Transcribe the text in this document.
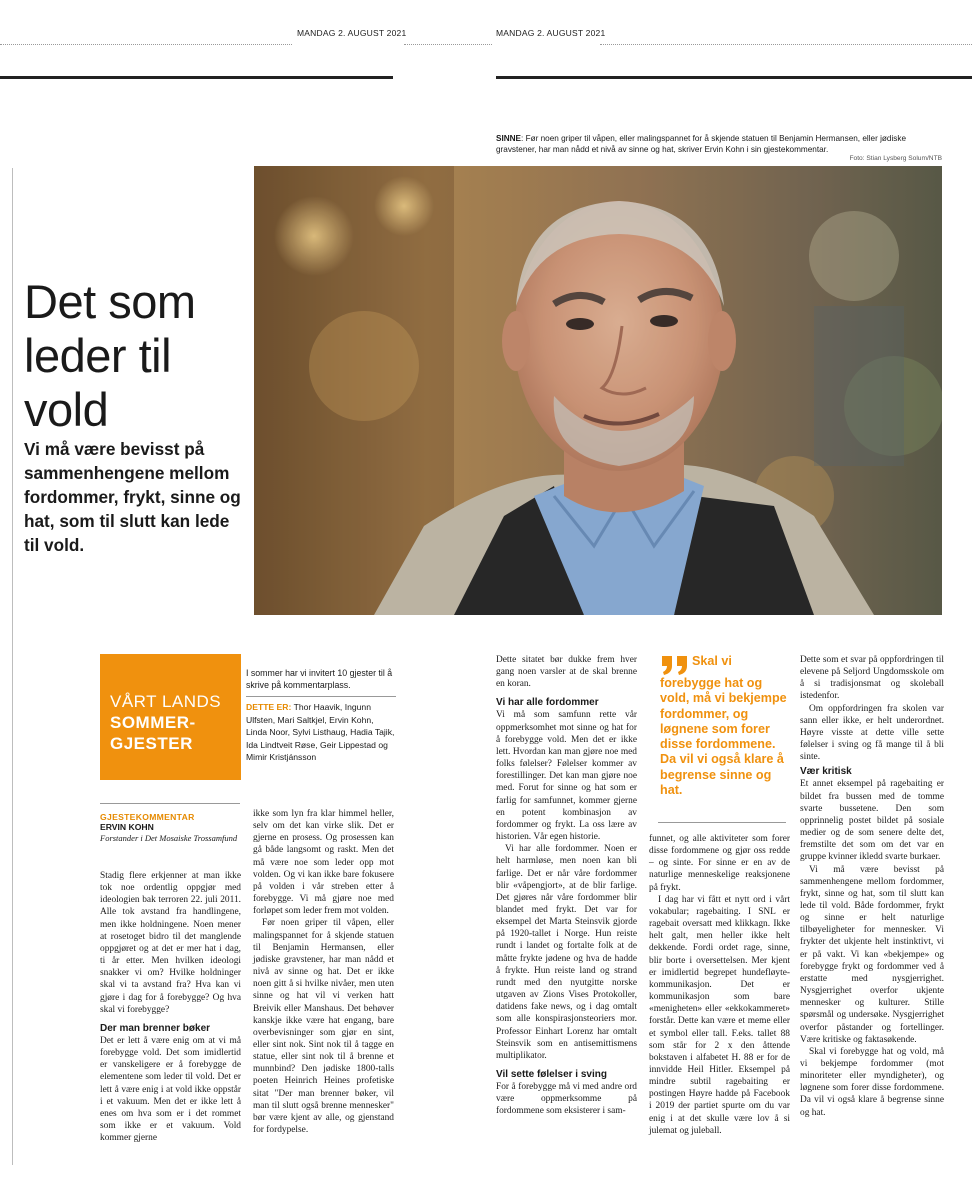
MANDAG 2. AUGUST 2021	MANDAG 2. AUGUST 2021
SINNE: Før noen griper til våpen, eller malingspannet for å skjende statuen til Benjamin Hermansen, eller jødiske gravstener, har man nådd et nivå av sinne og hat, skriver Ervin Kohn i sin gjestekommentar.
Foto: Stian Lysberg Solum/NTB
Det som leder til vold
Vi må være bevisst på sammenhengene mellom fordommer, frykt, sinne og hat, som til slutt kan lede til vold.
VÅRT LANDS
SOMMER-
GJESTER
I sommer har vi invitert 10 gjester til å skrive på kommentarplass.
DETTE ER: Thor Haavik, Ingunn Ulfsten, Mari Saltkjel, Ervin Kohn, Linda Noor, Sylvi Listhaug, Hadia Tajik, Ida Lindtveit Røse, Geir Lippestad og Mimir Kristjánsson
GJESTEKOMMENTAR
ERVIN KOHN
Forstander i Det Mosaiske Trossamfund

Stadig flere erkjenner at man ikke tok noe ordentlig oppgjør med ideologien bak terroren 22. juli 2011. Alle tok avstand fra handlingene, men ikke holdningene. Noen mener at rosetoget bidro til det manglende oppgjøret og at det er mer hat i dag, ti år etter. Men hvilken ideologi snakker vi om? Hvilke holdninger skal vi ta avstand fra? Hva kan vi gjøre i dag for å forebygge? Og hva skal vi forebygge?

Der man brenner bøker

Det er lett å være enig om at vi må forebygge vold. Det som imidlertid er vanskeligere er å forebygge de elementene som leder til vold. Det er lett å være enig i at vold ikke oppstår i et vakuum. Men det er ikke lett å enes om hva som er i det rommet som ikke er et vakuum. Vold kommer gjerne

ikke som lyn fra klar himmel heller, selv om det kan virke slik. Det er gjerne en prosess. Og prosessen kan gå både langsomt og raskt. Men det må være noe som leder opp mot volden. Og vi kan ikke bare fokusere på volden i vår streben etter å forebygge. Vi må gjøre noe med forløpet som leder frem mot volden.

Før noen griper til våpen, eller malingspannet for å skjende statuen til Benjamin Hermansen, eller jødiske gravstener, har man nådd et nivå av sinne og hat. Det er ikke noen gitt å si hvilke nivåer, men uten sinne og hat vil vi verken hatt Breivik eller Manshaus. Det behøver kanskje ikke være hat engang, bare overbevisninger som gjør en sint, eller sint nok. Sint nok til å tagge en statue, eller sint nok til å brenne et munnbind? Den jødiske 1800-talls poeten Heinrich Heines profetiske sitat "Der man brenner bøker, vil man til slutt også brenne mennesker" bør være kjent av alle, og gjenstand for fordypelse.

Dette sitatet bør dukke frem hver gang noen varsler at de skal brenne en koran.

Vi har alle fordommer

Vi må som samfunn rette vår oppmerksomhet mot sinne og hat for å forebygge vold. Men det er ikke lett. Hvordan kan man gjøre noe med folks følelser? Følelser kommer av forestillinger. Det kan man gjøre noe med. Forut for sinne og hat som er farlig for samfunnet, kommer gjerne en potent kombinasjon av fordommer og frykt. La oss lære av historien. Vår egen historie.

Vi har alle fordommer. Noen er helt harmløse, men noen kan bli farlige. Det er når våre fordommer blir «våpengjort», at de blir farlige. Det gjøres når våre fordommer blir blandet med frykt. Det var for eksempel det Marta Steinsvik gjorde på 1920-tallet i Norge. Hun reiste rundt i landet og fortalte folk at de måtte frykte jødene og hva de hadde å frykte. Hun reiste land og strand rundt med den nyutgitte norske utgaven av Zions Vises Protokoller, datidens fake news, og i dag omtalt som alle konspirasjonsteoriers mor. Professor Einhart Lorenz har omtalt Steinsvik som en antisemittismens multiplikator.

Vil sette følelser i sving

For å forebygge må vi med andre ord være oppmerksomme på fordommene som eksisterer i sam-

Skal vi forebygge hat og vold, må vi bekjempe fordommer, og løgnene som forer disse fordommene. Da vil vi også klare å begrense sinne og hat.

funnet, og alle aktiviteter som forer disse fordommene og gjør oss redde – og sinte. For sinne er en av de naturlige menneskelige reaksjonene på frykt.

I dag har vi fått et nytt ord i vårt vokabular; ragebaiting. I SNL er ragebait oversatt med klikkagn. Ikke helt galt, men heller ikke helt dekkende. Fordi ordet rage, sinne, blir borte i oversettelsen. Mer kjent er imidlertid begrepet hundefløyte-kommunikasjon. Det er kommunikasjon som bare «menigheten» eller «ekkokammeret» forstår. Dette kan være et meme eller et symbol eller tall. F.eks. tallet 88 som står for 2 x den åttende bokstaven i alfabetet H. 88 er for de innvidde Heil Hitler. Eksempel på mindre subtil ragebaiting er postingen Høyre hadde på Facebook i 2019 der partiet spurte om du var enig i at det skulle være lov å si julemat og juleball.

Dette som et svar på oppfordringen til elevene på Seljord Ungdomsskole om å si tradisjonsmat og skoleball istedenfor.

Om oppfordringen fra skolen var sann eller ikke, er helt underordnet. Høyre visste at dette ville sette følelser i sving og få mange til å bli sinte.

Vær kritisk

Et annet eksempel på ragebaiting er bildet fra bussen med de tomme svarte bussetene. Den som opprinnelig postet bildet på sosiale medier og de som senere delte det, fremstilte det som om det var en gruppe kvinner ikledd svarte burkaer.

Vi må være bevisst på sammenhengene mellom fordommer, frykt, sinne og hat, som til slutt kan lede til vold. Både fordommer, frykt og sinne er helt naturlige tilbøyeligheter for mennesker. Vi frykter det ukjente helt instinktivt, vi er på vakt. Vi kan «bekjempe» og forebygge frykt og fordommer ved å erstatte med nysgjerrighet. Nysgjerrighet overfor ukjente mennesker og kulturer. Stille spørsmål og undersøke. Nysgjerrighet overfor påstander og fortellinger. Være kritiske og faktasøkende.

Skal vi forebygge hat og vold, må vi bekjempe fordommer (mot minoriteter eller myndigheter), og løgnene som forer disse fordommene. Da vil vi også klare å begrense sinne og hat.
